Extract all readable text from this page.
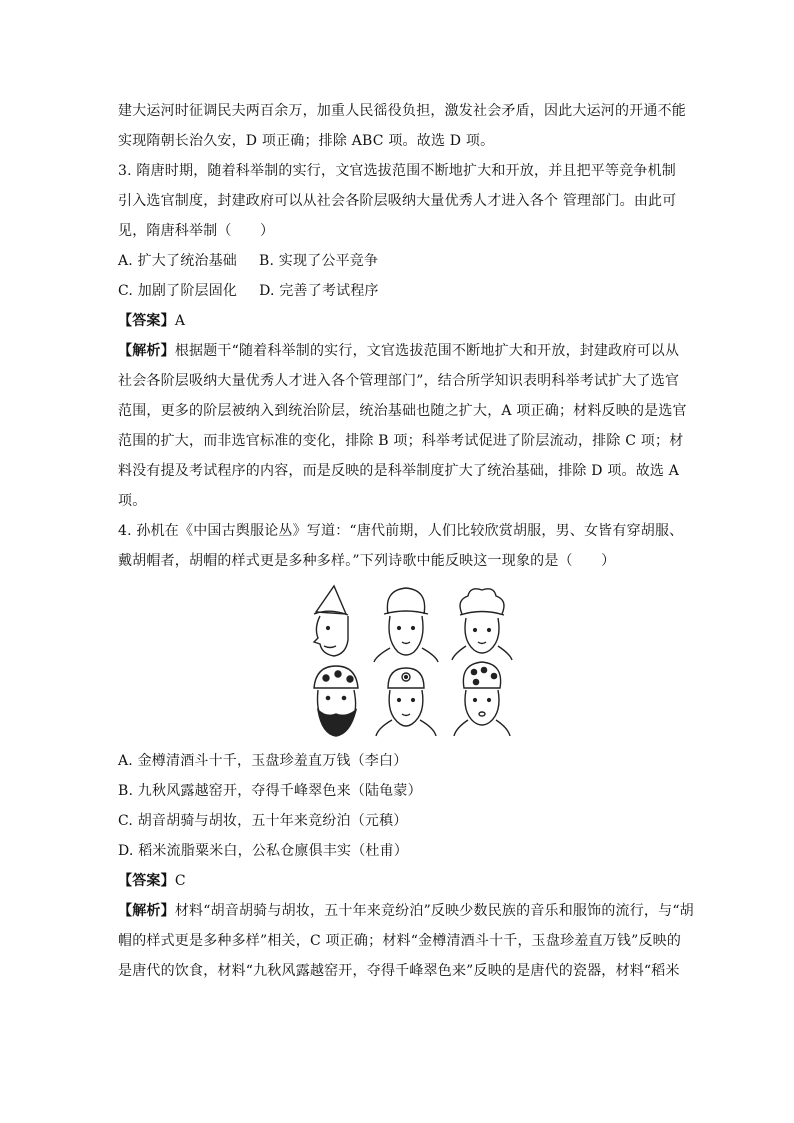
建大运河时征调民夫两百余万，加重人民徭役负担，激发社会矛盾，因此大运河的开通不能
实现隋朝长治久安，D 项正确；排除 ABC 项。故选 D 项。
3. 隋唐时期，随着科举制的实行，文官选拔范围不断地扩大和开放，并且把平等竞争机制
引入选官制度，封建政府可以从社会各阶层吸纳大量优秀人才进入各个 管理部门。由此可
见，隋唐科举制（　　）
A. 扩大了统治基础 B. 实现了公平竞争
C. 加剧了阶层固化 D. 完善了考试程序
【答案】A
【解析】根据题干“随着科举制的实行，文官选拔范围不断地扩大和开放，封建政府可以从
社会各阶层吸纳大量优秀人才进入各个管理部门”，结合所学知识表明科举考试扩大了选官
范围，更多的阶层被纳入到统治阶层，统治基础也随之扩大，A 项正确；材料反映的是选官
范围的扩大，而非选官标准的变化，排除 B 项；科举考试促进了阶层流动，排除 C 项；材
料没有提及考试程序的内容，而是反映的是科举制度扩大了统治基础，排除 D 项。故选 A
项。
4. 孙机在《中国古舆服论丛》写道：“唐代前期，人们比较欣赏胡服，男、女皆有穿胡服、
戴胡帽者，胡帽的样式更是多种多样。”下列诗歌中能反映这一现象的是（　　）
A. 金樽清酒斗十千，玉盘珍羞直万钱（李白）
B. 九秋风露越窑开，夺得千峰翠色来（陆龟蒙）
C. 胡音胡骑与胡妆，五十年来竞纷泊（元稹）
D. 稻米流脂粟米白，公私仓廪俱丰实（杜甫）
【答案】C
【解析】材料“胡音胡骑与胡妆，五十年来竞纷泊”反映少数民族的音乐和服饰的流行，与“胡
帽的样式更是多种多样”相关，C 项正确；材料“金樽清酒斗十千，玉盘珍羞直万钱”反映的
是唐代的饮食，材料“九秋风露越窑开，夺得千峰翠色来”反映的是唐代的瓷器，材料“稻米
